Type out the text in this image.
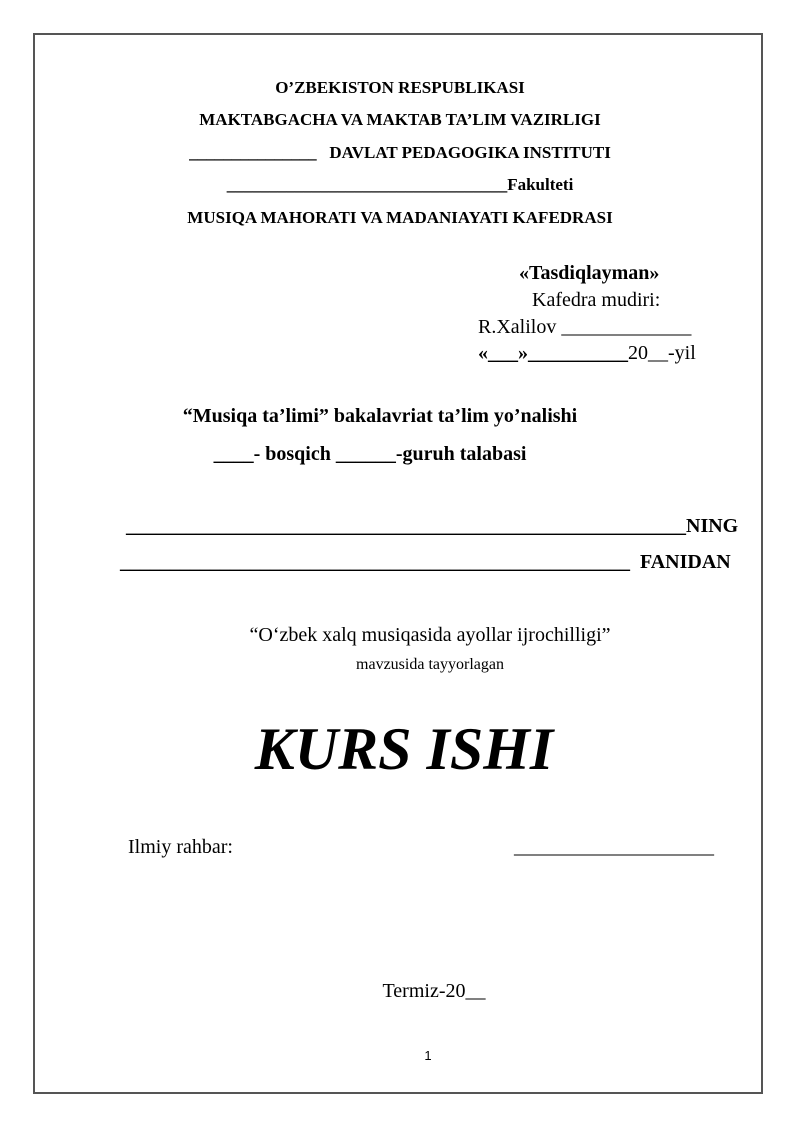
O’ZBEKISTON RESPUBLIKASI
MAKTABGACHA VA MAKTAB TA’LIM VAZIRLIGI
_______________ DAVLAT PEDAGOGIKA INSTITUTI
_________________________________Fakulteti
MUSIQA MAHORATI VA MADANIAYATI KAFEDRASI
«Tasdiqlayman»
Kafedra mudiri:
R.Xalilov _____________
«___»__________20__-yil
“Musiqa ta’limi” bakalavriat ta’lim yo’nalishi
____- bosqich ______-guruh talabasi
________________________________________________________NING
___________________________________________________ FANIDAN
“O‘zbek xalq musiqasida ayollar ijrochilligi”
mavzusida tayyorlagan
KURS ISHI
Ilmiy rahbar:	____________________
Termiz-20__
1
